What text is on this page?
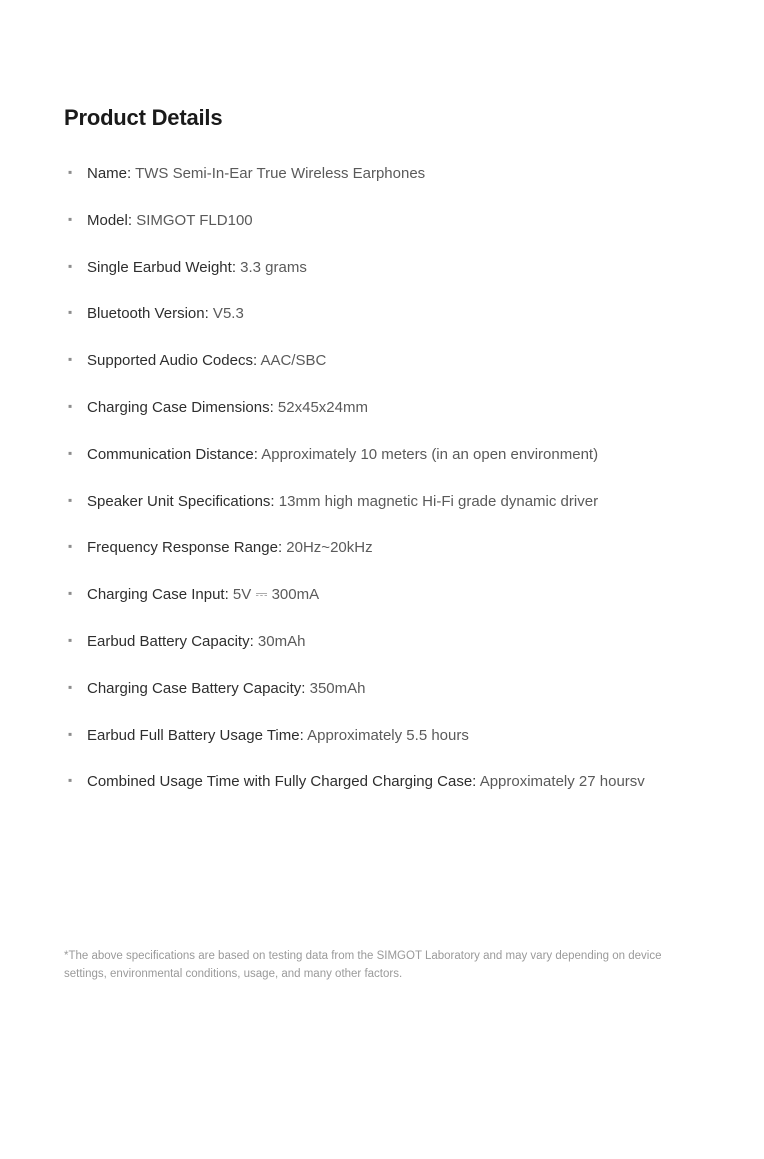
Product Details
▪ Name: TWS Semi-In-Ear True Wireless Earphones
▪ Model: SIMGOT FLD100
▪ Single Earbud Weight: 3.3 grams
▪ Bluetooth Version: V5.3
▪ Supported Audio Codecs: AAC/SBC
▪ Charging Case Dimensions: 52x45x24mm
▪ Communication Distance: Approximately 10 meters (in an open environment)
▪ Speaker Unit Specifications: 13mm high magnetic Hi-Fi grade dynamic driver
▪ Frequency Response Range: 20Hz~20kHz
▪ Charging Case Input: 5V ⎓ 300mA
▪ Earbud Battery Capacity: 30mAh
▪ Charging Case Battery Capacity: 350mAh
▪ Earbud Full Battery Usage Time: Approximately 5.5 hours
▪ Combined Usage Time with Fully Charged Charging Case: Approximately 27 hoursv

*The above specifications are based on testing data from the SIMGOT Laboratory and may vary depending on device settings, environmental conditions, usage, and many other factors.
